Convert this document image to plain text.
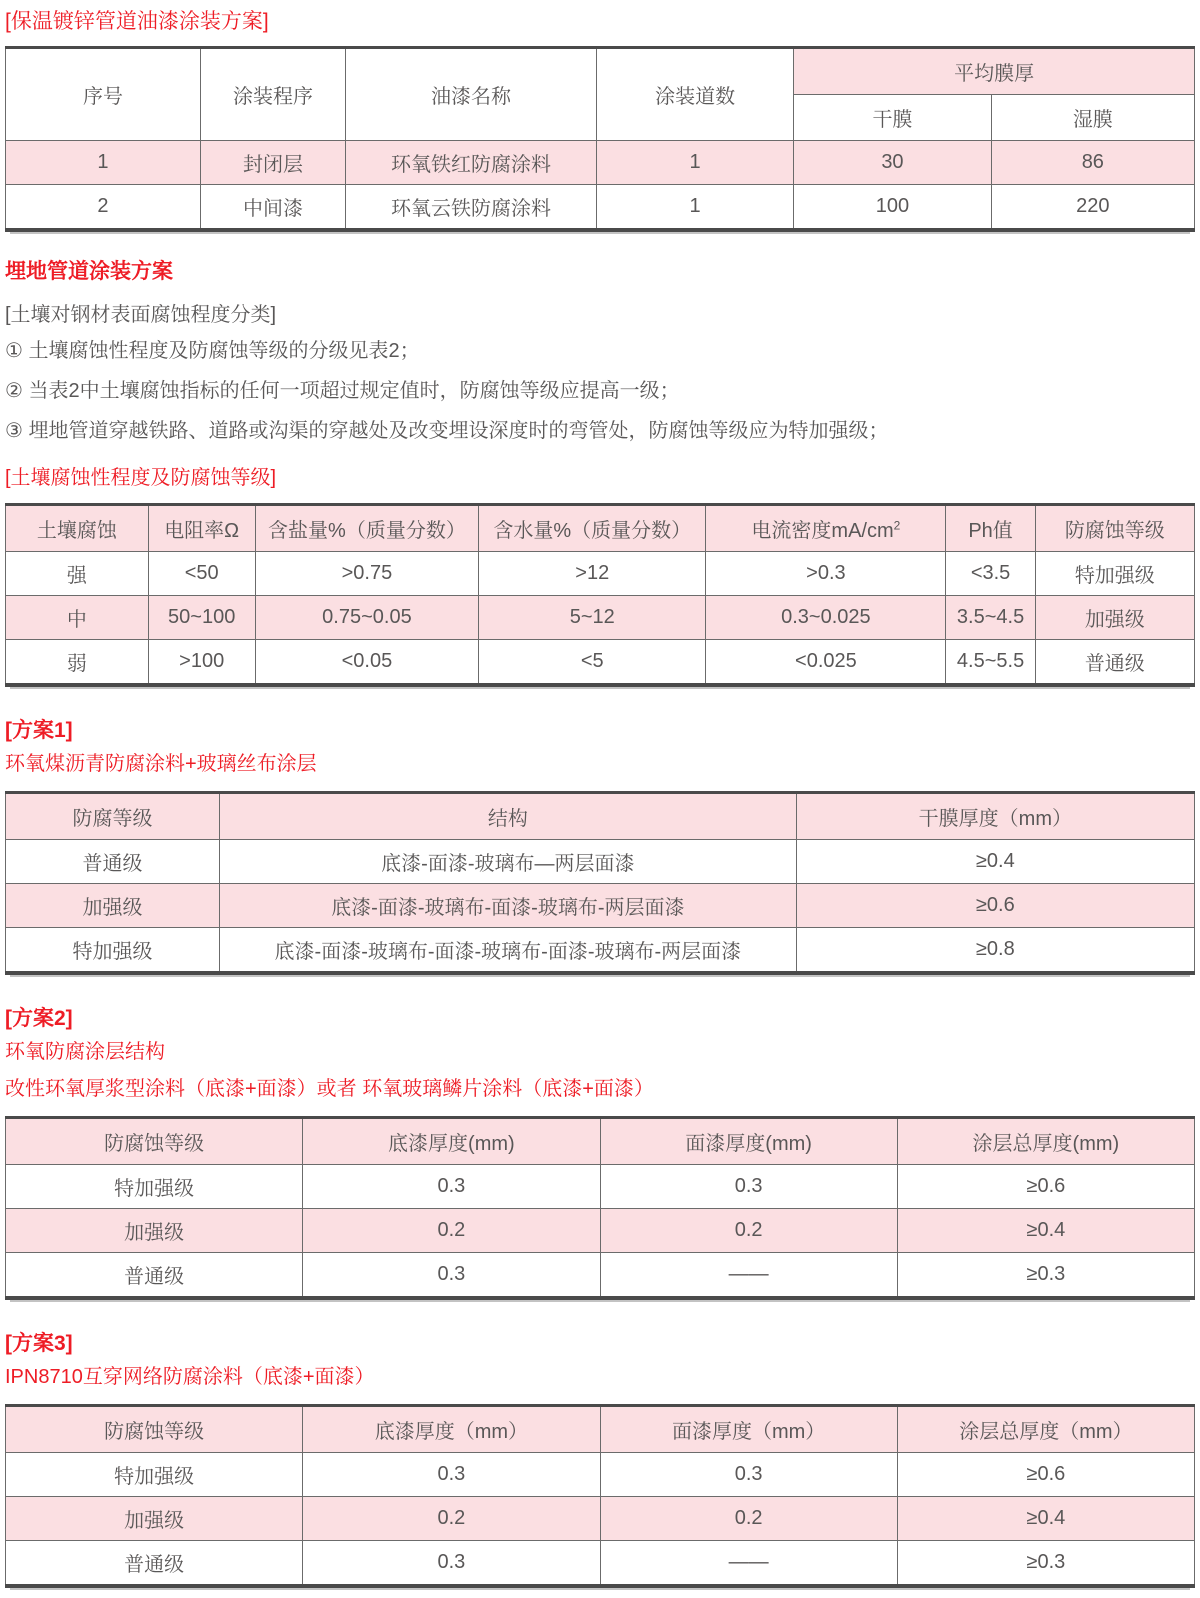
[保温镀锌管道油漆涂装方案]

序号	涂装程序	油漆名称	涂装道数	平均膜厚	
				干膜	湿膜
1	封闭层	环氧铁红防腐涂料	1	30	86
2	中间漆	环氧云铁防腐涂料	1	100	220

埋地管道涂装方案

[土壤对钢材表面腐蚀程度分类]

① 土壤腐蚀性程度及防腐蚀等级的分级见表2；

② 当表2中土壤腐蚀指标的任何一项超过规定值时，防腐蚀等级应提高一级；

③ 埋地管道穿越铁路、道路或沟渠的穿越处及改变埋设深度时的弯管处，防腐蚀等级应为特加强级；

[土壤腐蚀性程度及防腐蚀等级]

土壤腐蚀	电阻率Ω	含盐量%（质量分数）	含水量%（质量分数）	电流密度$mA/cm^2$	Ph值	防腐蚀等级
强	<50	>0.75	>12	>0.3	<3.5	特加强级
中	50~100	0.75~0.05	5~12	0.3~0.025	3.5~4.5	加强级
弱	>100	<0.05	<5	<0.025	4.5~5.5	普通级

[方案1]

环氧煤沥青防腐涂料+玻璃丝布涂层

防腐等级	结构	干膜厚度（mm）
普通级	底漆-面漆-玻璃布—两层面漆	≥0.4
加强级	底漆-面漆-玻璃布-面漆-玻璃布-两层面漆	≥0.6
特加强级	底漆-面漆-玻璃布-面漆-玻璃布-面漆-玻璃布-两层面漆	≥0.8

[方案2]

环氧防腐涂层结构

改性环氧厚浆型涂料（底漆+面漆）或者 环氧玻璃鳞片涂料（底漆+面漆）

防腐蚀等级	底漆厚度(mm)	面漆厚度(mm)	涂层总厚度(mm)
特加强级	0.3	0.3	≥0.6
加强级	0.2	0.2	≥0.4
普通级	0.3	——	≥0.3

[方案3]

IPN8710互穿网络防腐涂料（底漆+面漆）

防腐蚀等级	底漆厚度（mm）	面漆厚度（mm）	涂层总厚度（mm）
特加强级	0.3	0.3	≥0.6
加强级	0.2	0.2	≥0.4
普通级	0.3	——	≥0.3
